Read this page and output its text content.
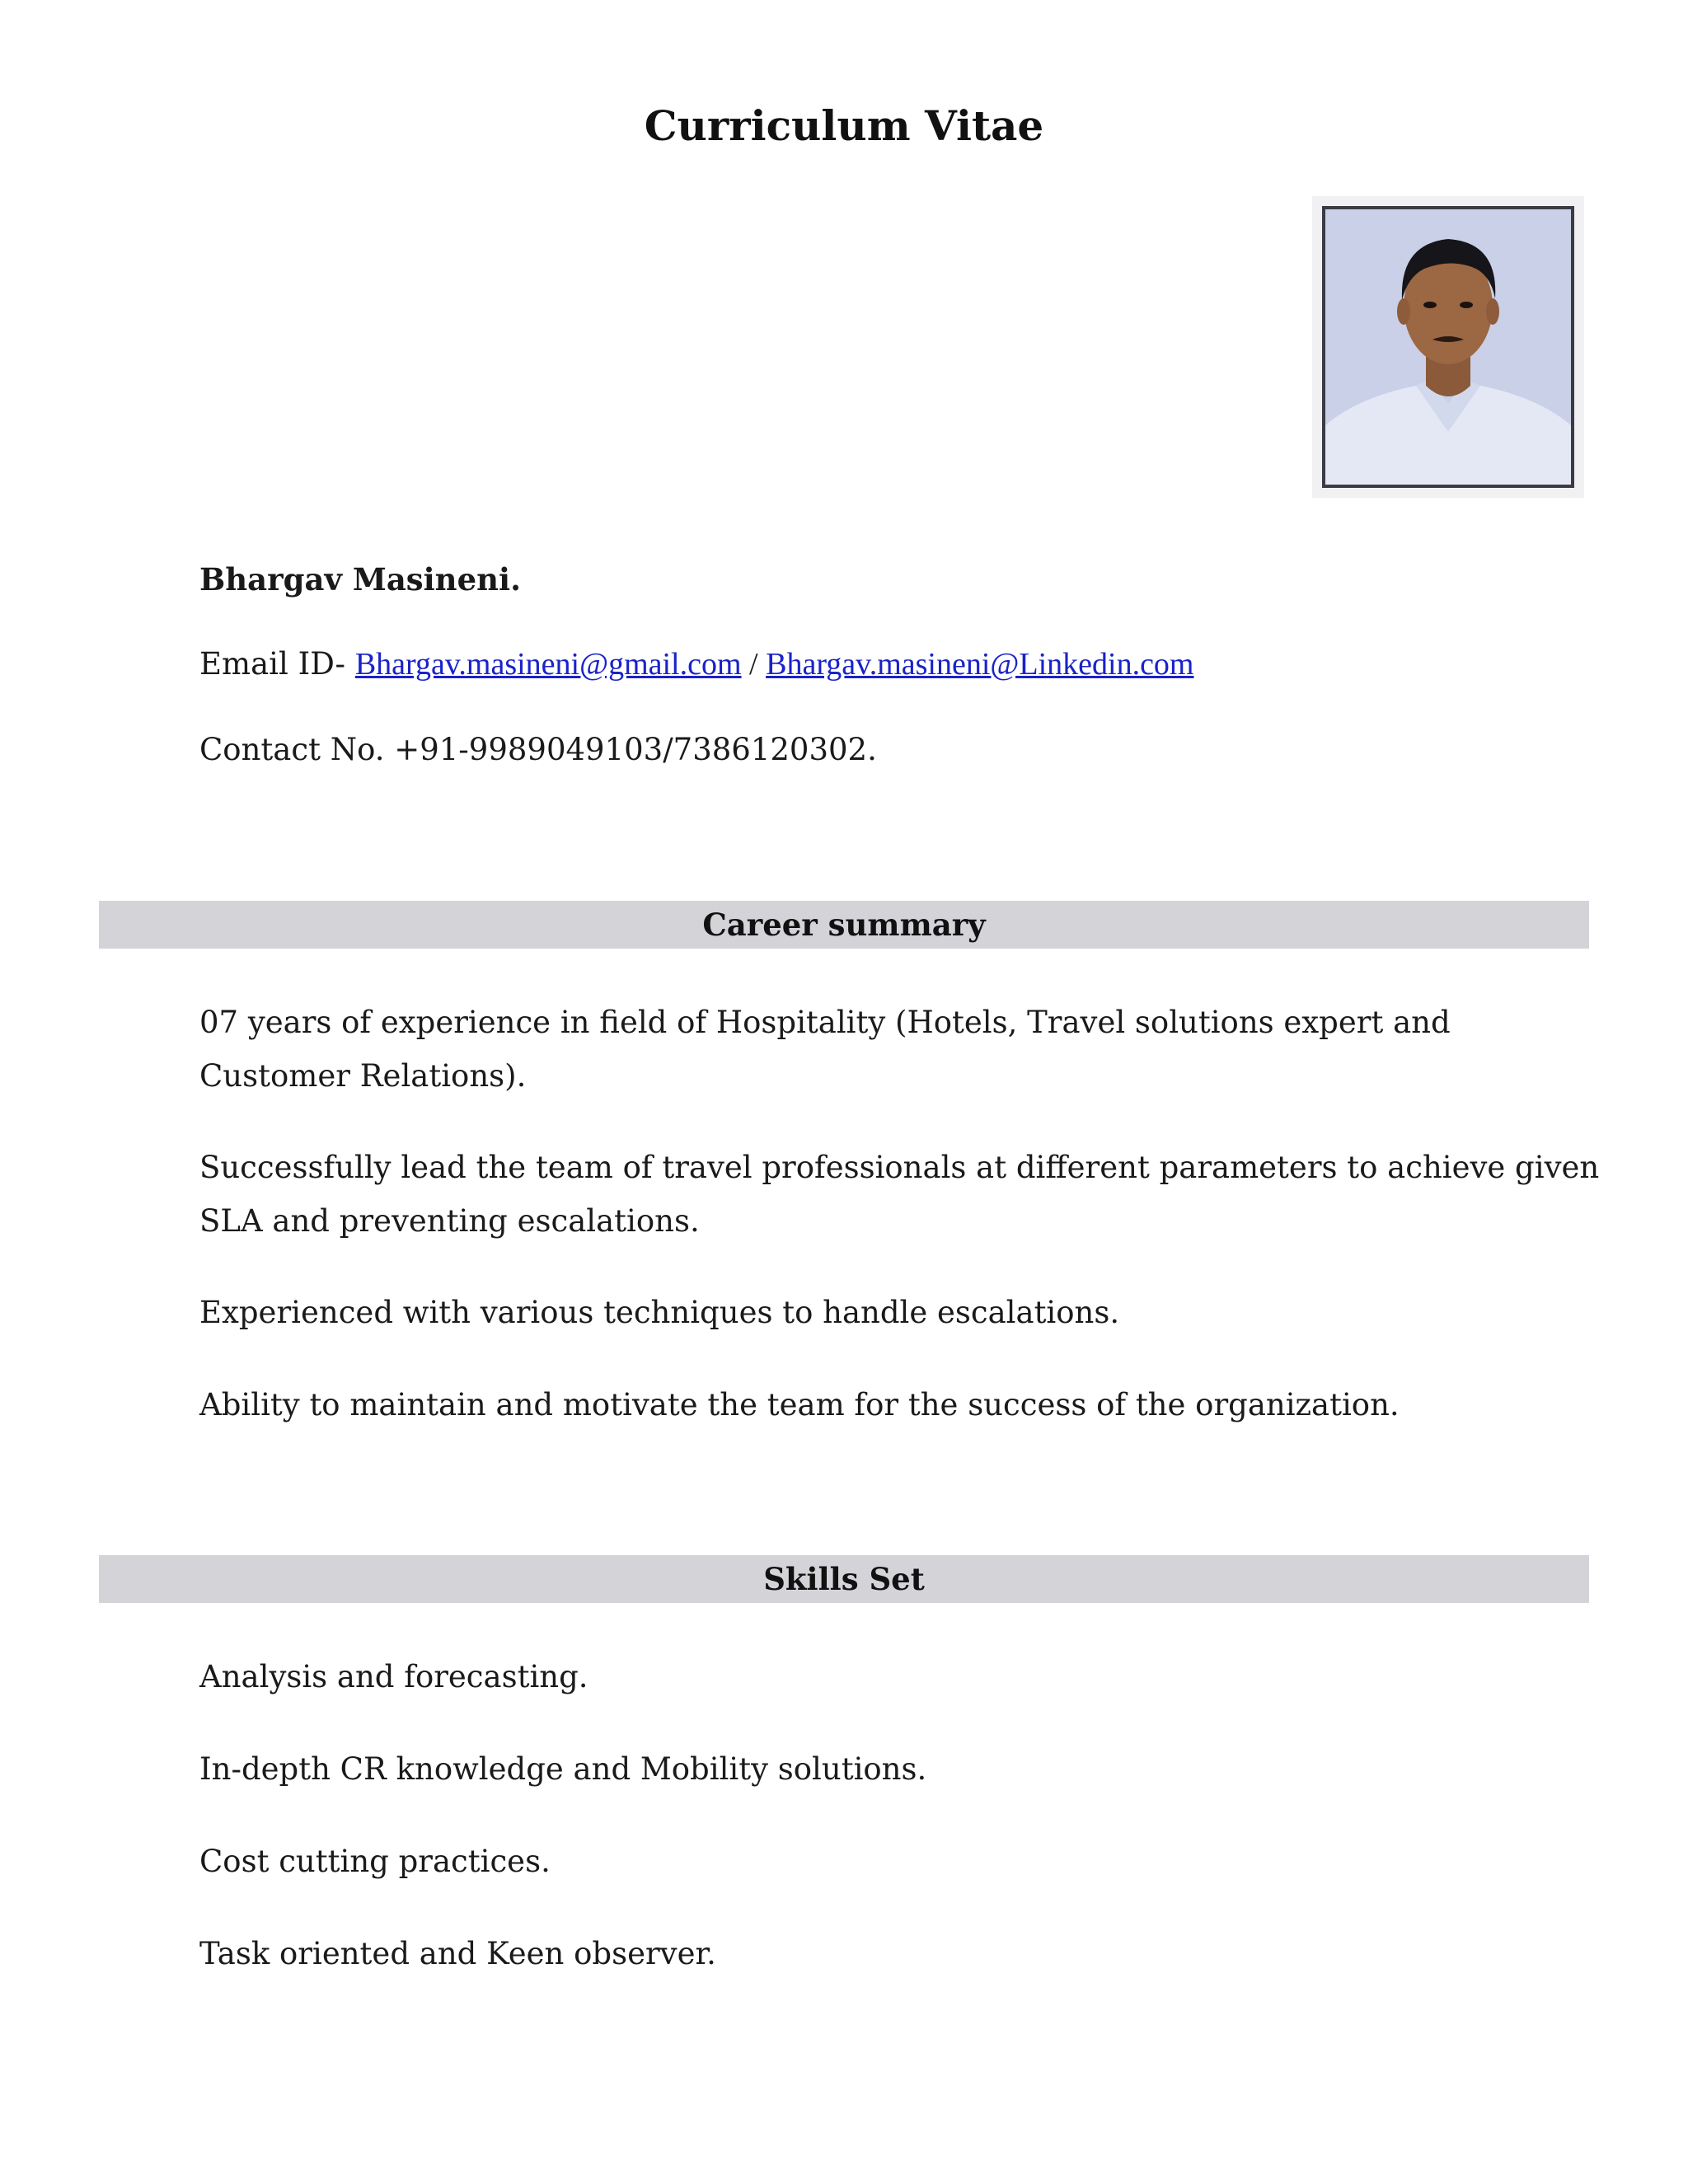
Curriculum Vitae
Bhargav Masineni.
Email ID- Bhargav.masineni@gmail.com / Bhargav.masineni@Linkedin.com
Contact No. +91-9989049103/7386120302.
Career summary

07 years of experience in field of Hospitality (Hotels, Travel solutions expert and Customer Relations).

Successfully lead the team of travel professionals at different parameters to achieve given SLA and preventing escalations.

Experienced with various techniques to handle escalations.

Ability to maintain and motivate the team for the success of the organization.

Skills Set

Analysis and forecasting.

In-depth CR knowledge and Mobility solutions.

Cost cutting practices.

Task oriented and Keen observer.
